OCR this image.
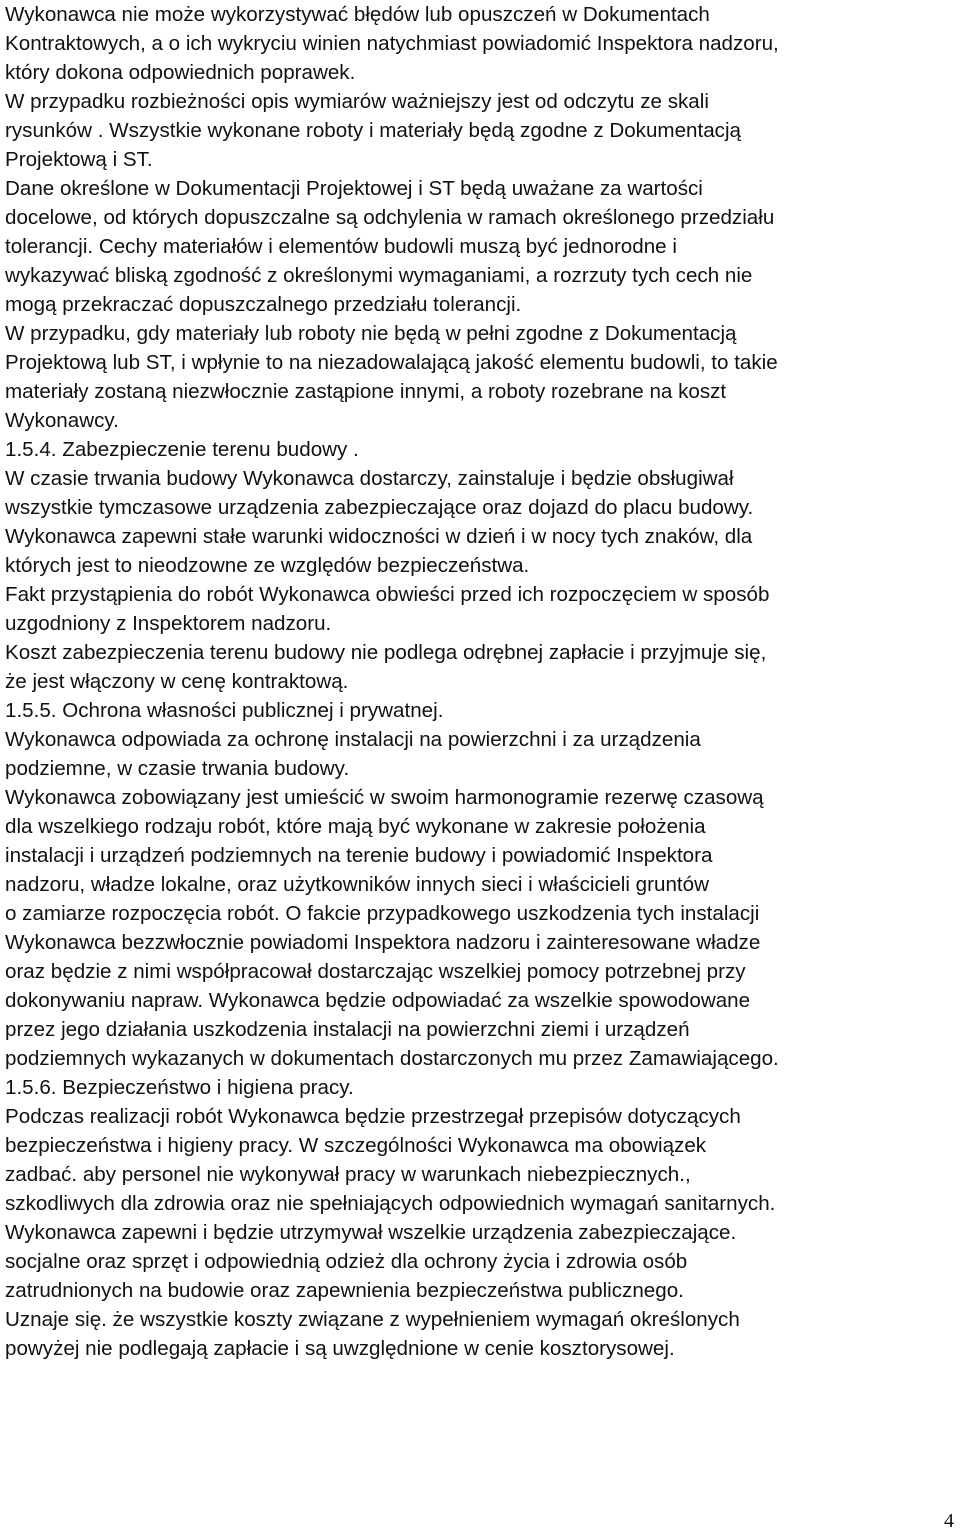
Wykonawca nie może wykorzystywać błędów lub opuszczeń w Dokumentach
Kontraktowych, a o ich wykryciu winien natychmiast powiadomić Inspektora nadzoru,
który dokona odpowiednich poprawek.
W przypadku rozbieżności opis wymiarów ważniejszy jest od odczytu ze skali
rysunków . Wszystkie wykonane roboty i materiały będą zgodne z Dokumentacją
Projektową i ST.
Dane określone w Dokumentacji Projektowej i ST będą uważane za wartości
docelowe, od których dopuszczalne są odchylenia w ramach określonego przedziału
tolerancji. Cechy materiałów i elementów budowli muszą być jednorodne i
wykazywać bliską zgodność z określonymi wymaganiami, a rozrzuty tych cech nie
mogą przekraczać dopuszczalnego przedziału tolerancji.
W przypadku, gdy materiały lub roboty nie będą w pełni zgodne z Dokumentacją
Projektową lub ST, i wpłynie to na niezadowalającą jakość elementu budowli, to takie
materiały zostaną niezwłocznie zastąpione innymi, a roboty rozebrane na koszt
Wykonawcy.
1.5.4. Zabezpieczenie terenu budowy .
W czasie trwania budowy Wykonawca dostarczy, zainstaluje i będzie obsługiwał
wszystkie tymczasowe urządzenia zabezpieczające oraz dojazd do placu budowy.
Wykonawca zapewni stałe warunki widoczności w dzień i w nocy tych znaków, dla
których jest to nieodzowne ze względów bezpieczeństwa.
Fakt przystąpienia do robót Wykonawca obwieści przed ich rozpoczęciem w sposób
uzgodniony z Inspektorem nadzoru.
Koszt zabezpieczenia terenu budowy nie podlega odrębnej zapłacie i przyjmuje się,
że jest włączony w cenę kontraktową.
1.5.5. Ochrona własności publicznej i prywatnej.
Wykonawca odpowiada za ochronę instalacji na powierzchni i za urządzenia
podziemne, w czasie trwania budowy.
Wykonawca zobowiązany jest umieścić w swoim harmonogramie rezerwę czasową
dla wszelkiego rodzaju robót, które mają być wykonane w zakresie położenia
instalacji i urządzeń podziemnych na terenie budowy i powiadomić Inspektora
nadzoru, władze lokalne, oraz użytkowników innych sieci i właścicieli gruntów
o zamiarze rozpoczęcia robót. O fakcie przypadkowego uszkodzenia tych instalacji
Wykonawca bezzwłocznie powiadomi Inspektora nadzoru i zainteresowane władze
oraz będzie z nimi współpracował dostarczając wszelkiej pomocy potrzebnej przy
dokonywaniu napraw. Wykonawca będzie odpowiadać za wszelkie spowodowane
przez jego działania uszkodzenia instalacji na powierzchni ziemi i urządzeń
podziemnych wykazanych w dokumentach dostarczonych mu przez Zamawiającego.
1.5.6. Bezpieczeństwo i higiena pracy.
Podczas realizacji robót Wykonawca będzie przestrzegał przepisów dotyczących
bezpieczeństwa i higieny pracy. W szczególności Wykonawca ma obowiązek
zadbać. aby personel nie wykonywał pracy w warunkach niebezpiecznych.,
szkodliwych dla zdrowia oraz nie spełniających odpowiednich wymagań sanitarnych.
Wykonawca zapewni i będzie utrzymywał wszelkie urządzenia zabezpieczające.
socjalne oraz sprzęt i odpowiednią odzież dla ochrony życia i zdrowia osób
zatrudnionych na budowie oraz zapewnienia bezpieczeństwa publicznego.
Uznaje się. że wszystkie koszty związane z wypełnieniem wymagań określonych
powyżej nie podlegają zapłacie i są uwzględnione w cenie kosztorysowej.
4
